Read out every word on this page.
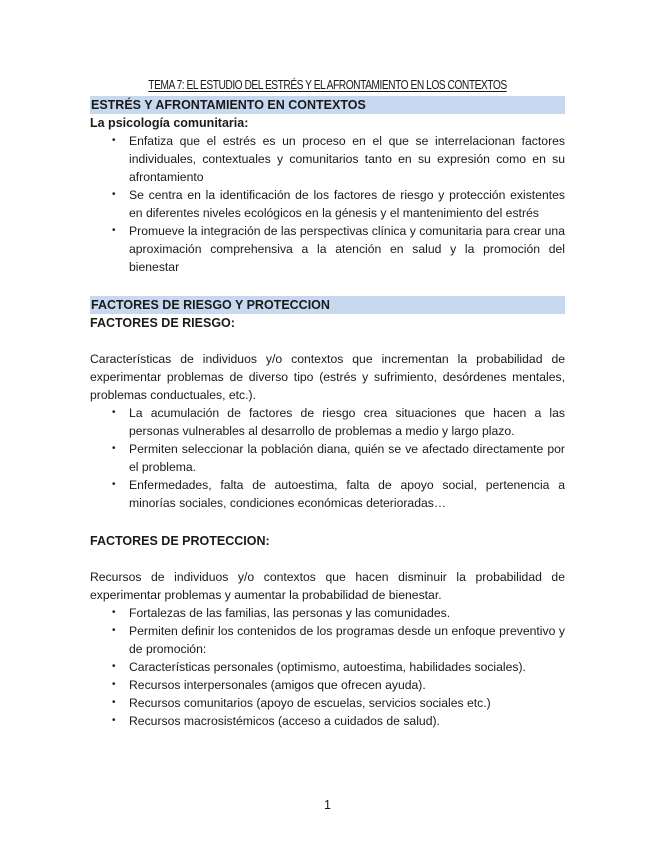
TEMA 7: EL ESTUDIO DEL ESTRÉS Y EL AFRONTAMIENTO EN LOS CONTEXTOS
ESTRÉS Y AFRONTAMIENTO EN CONTEXTOS
La psicología comunitaria:
• Enfatiza que el estrés es un proceso en el que se interrelacionan factores individuales, contextuales y comunitarios tanto en su expresión como en su afrontamiento
• Se centra en la identificación de los factores de riesgo y protección existentes en diferentes niveles ecológicos en la génesis y el mantenimiento del estrés
• Promueve la integración de las perspectivas clínica y comunitaria para crear una aproximación comprehensiva a la atención en salud y la promoción del bienestar
FACTORES DE RIESGO Y PROTECCION
FACTORES DE RIESGO:

Características de individuos y/o contextos que incrementan la probabilidad de experimentar problemas de diverso tipo (estrés y sufrimiento, desórdenes mentales, problemas conductuales, etc.).

• La acumulación de factores de riesgo crea situaciones que hacen a las personas vulnerables al desarrollo de problemas a medio y largo plazo.
• Permiten seleccionar la población diana, quién se ve afectado directamente por el problema.
• Enfermedades, falta de autoestima, falta de apoyo social, pertenencia a minorías sociales, condiciones económicas deterioradas…
FACTORES DE PROTECCION:

Recursos de individuos y/o contextos que hacen disminuir la probabilidad de experimentar problemas y aumentar la probabilidad de bienestar.

• Fortalezas de las familias, las personas y las comunidades.
• Permiten definir los contenidos de los programas desde un enfoque preventivo y de promoción:
• Características personales (optimismo, autoestima, habilidades sociales).
• Recursos interpersonales (amigos que ofrecen ayuda).
• Recursos comunitarios (apoyo de escuelas, servicios sociales etc.)
• Recursos macrosistémicos (acceso a cuidados de salud).
1
